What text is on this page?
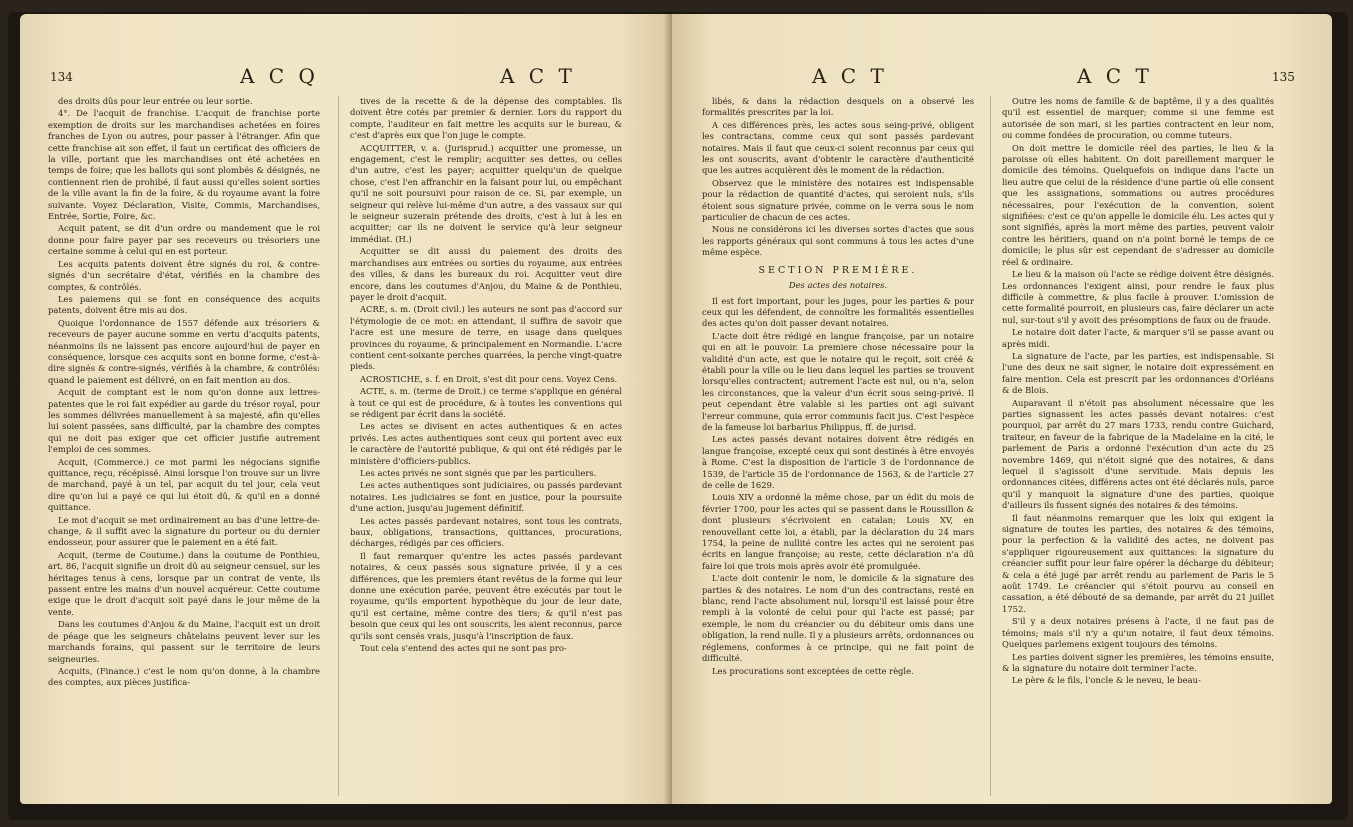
134	A C Q	A C T

des droits dûs pour leur entrée ou leur sortie.

4°. De l'acquit de franchise. L'acquit de franchise porte exemption de droits sur les marchandises achetées en foires franches de Lyon ou autres, pour passer à l'étranger. Afin que cette franchise ait son effet, il faut un certificat des officiers de la ville, portant que les marchandises ont été achetées en temps de foire; que les ballots qui sont plombés & désignés, ne contiennent rien de prohibé, il faut aussi qu'elles soient sorties de la ville avant la fin de la foire, & du royaume avant la foire suivante. Voyez Déclaration, Visite, Commis, Marchandises, Entrée, Sortie, Foire, &c.

Acquit patent, se dit d'un ordre ou mandement que le roi donne pour faire payer par ses receveurs ou trésoriers une certaine somme à celui qui en est porteur.

Les acquits patents doivent être signés du roi, & contre-signés d'un secrétaire d'état, vérifiés en la chambre des comptes, & contrôlés.

Les paiemens qui se font en conséquence des acquits patents, doivent être mis au dos.

Quoique l'ordonnance de 1557 défende aux trésoriers & receveurs de payer aucune somme en vertu d'acquits patents, néanmoins ils ne laissent pas encore aujourd'hui de payer en conséquence, lorsque ces acquits sont en bonne forme, c'est-à-dire signés & contre-signés, vérifiés à la chambre, & contrôlés: quand le paiement est délivré, on en fait mention au dos.

Acquit de comptant est le nom qu'on donne aux lettres-patentes que le roi fait expédier au garde du trésor royal, pour les sommes délivrées manuellement à sa majesté, afin qu'elles lui soient passées, sans difficulté, par la chambre des comptes qui ne doit pas exiger que cet officier justifie autrement l'emploi de ces sommes.

Acquit, (Commerce.) ce mot parmi les négocians signifie quittance, reçu, récépissé. Ainsi lorsque l'on trouve sur un livre de marchand, payé à un tel, par acquit du tel jour, cela veut dire qu'on lui a payé ce qui lui étoit dû, & qu'il en a donné quittance.

Le mot d'acquit se met ordinairement au bas d'une lettre-de-change, & il suffit avec la signature du porteur ou du dernier endosseur, pour assurer que le paiement en a été fait.

Acquit, (terme de Coutume.) dans la coutume de Ponthieu, art. 86, l'acquit signifie un droit dû au seigneur censuel, sur les héritages tenus à cens, lorsque par un contrat de vente, ils passent entre les mains d'un nouvel acquéreur. Cette coutume exige que le droit d'acquit soit payé dans le jour même de la vente.

Dans les coutumes d'Anjou & du Maine, l'acquit est un droit de péage que les seigneurs châtelains peuvent lever sur les marchands forains, qui passent sur le territoire de leurs seigneuries.

Acquits, (Finance.) c'est le nom qu'on donne, à la chambre des comptes, aux pièces justifica-

tives de la recette & de la dépense des comptables. Ils doivent être cotés par premier & dernier. Lors du rapport du compte, l'auditeur en fait mettre les acquits sur le bureau, & c'est d'après eux que l'on juge le compte.

ACQUITTER, v. a. (Jurisprud.) acquitter une promesse, un engagement, c'est le remplir; acquitter ses dettes, ou celles d'un autre, c'est les payer; acquitter quelqu'un de quelque chose, c'est l'en affranchir en la faisant pour lui, ou empêchant qu'il ne soit poursuivi pour raison de ce. Si, par exemple, un seigneur qui relève lui-même d'un autre, a des vassaux sur qui le seigneur suzerain prétende des droits, c'est à lui à les en acquitter; car ils ne doivent le service qu'à leur seigneur immédiat. (H.)

Acquitter se dit aussi du paiement des droits des marchandises aux entrées ou sorties du royaume, aux entrées des villes, & dans les bureaux du roi. Acquitter veut dire encore, dans les coutumes d'Anjou, du Maine & de Ponthieu, payer le droit d'acquit.

ACRE, s. m. (Droit civil.) les auteurs ne sont pas d'accord sur l'étymologie de ce mot: en attendant, il suffira de savoir que l'acre est une mesure de terre, en usage dans quelques provinces du royaume, & principalement en Normandie. L'acre contient cent-soixante perches quarrées, la perche vingt-quatre pieds.

ACROSTICHE, s. f. en Droit, s'est dit pour cens. Voyez Cens.

ACTE, s. m. (terme de Droit.) ce terme s'applique en général à tout ce qui est de procédure, & à toutes les conventions qui se rédigent par écrit dans la société.

Les actes se divisent en actes authentiques & en actes privés. Les actes authentiques sont ceux qui portent avec eux le caractère de l'autorité publique, & qui ont été rédigés par le ministère d'officiers-publics.

Les actes privés ne sont signés que par les particuliers.

Les actes authentiques sont judiciaires, ou passés pardevant notaires. Les judiciaires se font en justice, pour la poursuite d'une action, jusqu'au jugement définitif.

Les actes passés pardevant notaires, sont tous les contrats, baux, obligations, transactions, quittances, procurations, décharges, rédigés par ces officiers.

Il faut remarquer qu'entre les actes passés pardevant notaires, & ceux passés sous signature privée, il y a ces différences, que les premiers étant revêtus de la forme qui leur donne une exécution parée, peuvent être exécutés par tout le royaume, qu'ils emportent hypothèque du jour de leur date, qu'il est certaine, même contre des tiers; & qu'il n'est pas besoin que ceux qui les ont souscrits, les aient reconnus, parce qu'ils sont censés vrais, jusqu'à l'inscription de faux.

Tout cela s'entend des actes qui ne sont pas pro-

A C T	A C T	135

libés, & dans la rédaction desquels on a observé les formalités prescrites par la loi.

A ces différences près, les actes sous seing-privé, obligent les contractans, comme ceux qui sont passés pardevant notaires. Mais il faut que ceux-ci soient reconnus par ceux qui les ont souscrits, avant d'obtenir le caractère d'authenticité que les autres acquièrent dès le moment de la rédaction.

Observez que le ministère des notaires est indispensable pour la rédaction de quantité d'actes, qui seroient nuls, s'ils étoient sous signature privée, comme on le verra sous le nom particulier de chacun de ces actes.

Nous ne considérons ici les diverses sortes d'actes que sous les rapports généraux qui sont communs à tous les actes d'une même espèce.

SECTION PREMIÈRE.

Des actes des notaires.

Il est fort important, pour les juges, pour les parties & pour ceux qui les défendent, de connoître les formalités essentielles des actes qu'on doit passer devant notaires.

L'acte doit être rédigé en langue françoise, par un notaire qui en ait le pouvoir. La premiere chose nécessaire pour la validité d'un acte, est que le notaire qui le reçoit, soit créé & établi pour la ville ou le lieu dans lequel les parties se trouvent lorsqu'elles contractent; autrement l'acte est nul, ou n'a, selon les circonstances, que la valeur d'un écrit sous seing-privé. Il peut cependant être valable si les parties ont agi suivant l'erreur commune, quia error communis facit jus. C'est l'espèce de la fameuse loi barbarius Philippus, ff. de jurisd.

Les actes passés devant notaires doivent être rédigés en langue françoise, excepté ceux qui sont destinés à être envoyés à Rome. C'est la disposition de l'article 3 de l'ordonnance de 1539, de l'article 35 de l'ordonnance de 1563, & de l'article 27 de celle de 1629.

Louis XIV a ordonné la même chose, par un édit du mois de février 1700, pour les actes qui se passent dans le Roussillon & dont plusieurs s'écrivoient en catalan; Louis XV, en renouvellant cette loi, a établi, par la déclaration du 24 mars 1754, la peine de nullité contre les actes qui ne seroient pas écrits en langue françoise; au reste, cette déclaration n'a dû faire loi que trois mois après avoir été promulguée.

L'acte doit contenir le nom, le domicile & la signature des parties & des notaires. Le nom d'un des contractans, resté en blanc, rend l'acte absolument nul, lorsqu'il est laissé pour être rempli à la volonté de celui pour qui l'acte est passé; par exemple, le nom du créancier ou du débiteur omis dans une obligation, la rend nulle. Il y a plusieurs arrêts, ordonnances ou réglemens, conformes à ce principe, qui ne fait point de difficulté.

Les procurations sont exceptées de cette règle.

Outre les noms de famille & de baptême, il y a des qualités qu'il est essentiel de marquer; comme si une femme est autorisée de son mari, si les parties contractent en leur nom, ou comme fondées de procuration, ou comme tuteurs.

On doit mettre le domicile réel des parties, le lieu & la paroisse où elles habitent. On doit pareillement marquer le domicile des témoins. Quelquefois on indique dans l'acte un lieu autre que celui de la résidence d'une partie où elle consent que les assignations, sommations ou autres procédures nécessaires, pour l'exécution de la convention, soient signifiées: c'est ce qu'on appelle le domicile élu. Les actes qui y sont signifiés, après la mort même des parties, peuvent valoir contre les héritiers, quand on n'a point borné le temps de ce domicile; le plus sûr est cependant de s'adresser au domicile réel & ordinaire.

Le lieu & la maison où l'acte se rédige doivent être désignés. Les ordonnances l'exigent ainsi, pour rendre le faux plus difficile à commettre, & plus facile à prouver. L'omission de cette formalité pourroit, en plusieurs cas, faire déclarer un acte nul, sur-tout s'il y avoit des présomptions de faux ou de fraude.

Le notaire doit dater l'acte, & marquer s'il se passe avant ou après midi.

La signature de l'acte, par les parties, est indispensable. Si l'une des deux ne sait signer, le notaire doit expressément en faire mention. Cela est prescrit par les ordonnances d'Orléans & de Blois.

Auparavant il n'étoit pas absolument nécessaire que les parties signassent les actes passés devant notaires: c'est pourquoi, par arrêt du 27 mars 1733, rendu contre Guichard, traiteur, en faveur de la fabrique de la Madelaine en la cité, le parlement de Paris a ordonné l'exécution d'un acte du 25 novembre 1469, qui n'étoit signé que des notaires, & dans lequel il s'agissoit d'une servitude. Mais depuis les ordonnances citées, différens actes ont été déclarés nuls, parce qu'il y manquoit la signature d'une des parties, quoique d'ailleurs ils fussent signés des notaires & des témoins.

Il faut néanmoins remarquer que les loix qui exigent la signature de toutes les parties, des notaires & des témoins, pour la perfection & la validité des actes, ne doivent pas s'appliquer rigoureusement aux quittances: la signature du créancier suffit pour leur faire opérer la décharge du débiteur; & cela a été jugé par arrêt rendu au parlement de Paris le 5 août 1749. Le créancier qui s'étoit pourvu au conseil en cassation, a été débouté de sa demande, par arrêt du 21 juillet 1752.

S'il y a deux notaires présens à l'acte, il ne faut pas de témoins; mais s'il n'y a qu'un notaire, il faut deux témoins. Quelques parlemens exigent toujours des témoins.

Les parties doivent signer les premières, les témoins ensuite, & la signature du notaire doit terminer l'acte.

Le père & le fils, l'oncle & le neveu, le beau-
